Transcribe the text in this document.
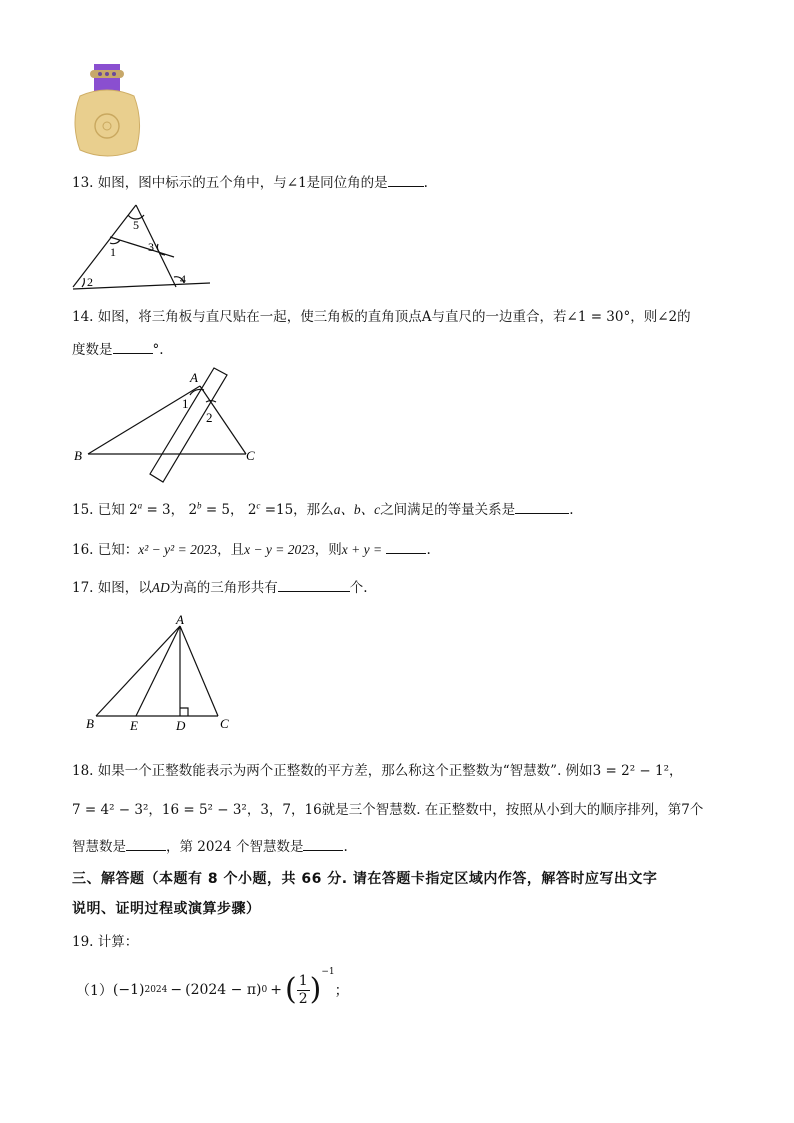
13. 如图，图中标示的五个角中，与∠1是同位角的是	.
5
1	3
2	4
14. 如图，将三角板与直尺贴在一起，使三角板的直角顶点A与直尺的一边重合，若∠1 = 30°，则∠2的
度数是	°.
A
B	C
1
2
15. 已知 $2^a = 3$， $2^b = 5$， $2^c =15$，那么a、b、c之间满足的等量关系是	.
16. 已知：x² − y² = 2023，且x − y = 2023，则x + y =	.
17. 如图，以AD为高的三角形共有	个.
A
B	E	D	C
18. 如果一个正整数能表示为两个正整数的平方差，那么称这个正整数为“智慧数”. 例如3 = 2² − 1²，
7 = 4² − 3²，16 = 5² − 3²，3，7，16就是三个智慧数. 在正整数中，按照从小到大的顺序排列，第7个
智慧数是	，第 2024 个智慧数是	.
三、解答题（本题有 8 个小题，共 66 分. 请在答题卡指定区域内作答，解答时应写出文字
说明、证明过程或演算步骤）
19. 计算：
（1） (−1) 2024 − (2024 − π) 0 + ( 1
2 ) −1
；
